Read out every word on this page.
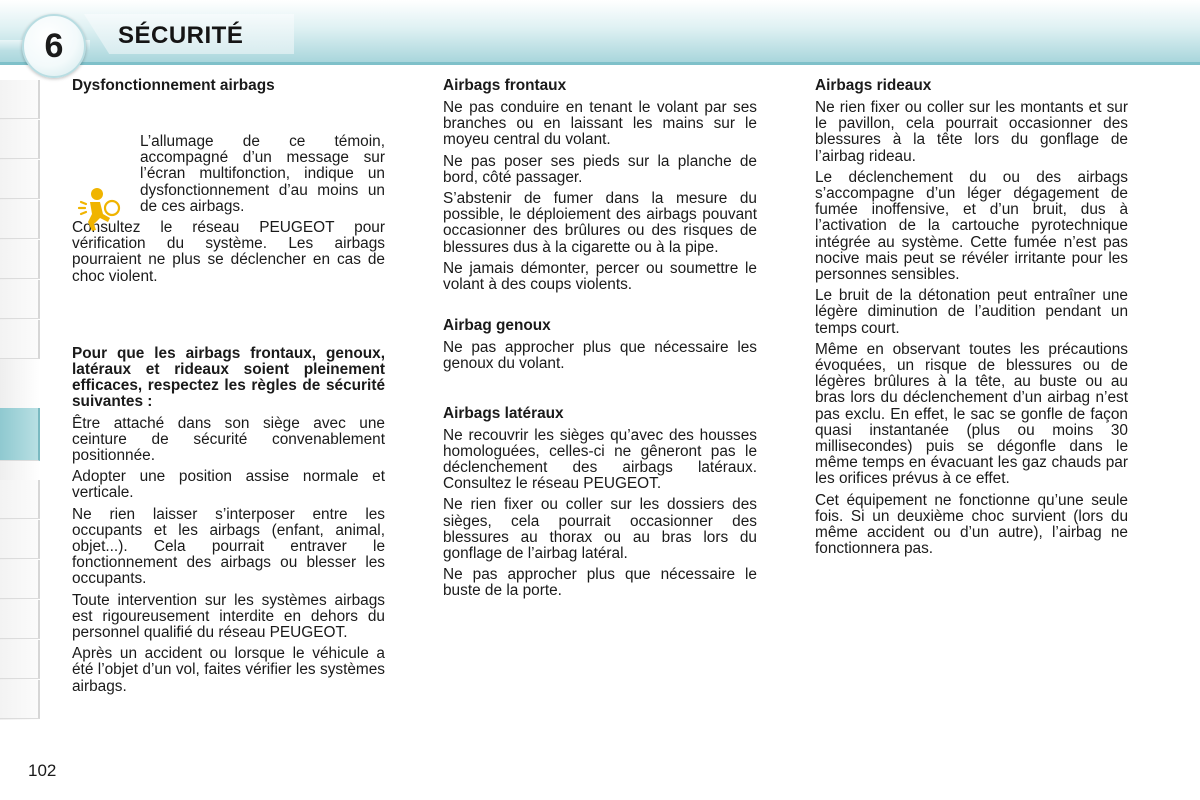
6 SÉCURITÉ
Dysfonctionnement airbags

L’allumage de ce témoin, accompagné d’un message sur l’écran multifonction, indique un dysfonctionnement d’au moins un de ces airbags.

Consultez le réseau PEUGEOT pour vérification du système. Les airbags pourraient ne plus se déclencher en cas de choc violent.

Pour que les airbags frontaux, genoux, latéraux et rideaux soient pleinement efficaces, respectez les règles de sécurité suivantes :

Être attaché dans son siège avec une ceinture de sécurité convenablement positionnée.

Adopter une position assise normale et verticale.

Ne rien laisser s’interposer entre les occupants et les airbags (enfant, animal, objet...). Cela pourrait entraver le fonctionnement des airbags ou blesser les occupants.

Toute intervention sur les systèmes airbags est rigoureusement interdite en dehors du personnel qualifié du réseau PEUGEOT.

Après un accident ou lorsque le véhicule a été l’objet d’un vol, faites vérifier les systèmes airbags.

Airbags frontaux

Ne pas conduire en tenant le volant par ses branches ou en laissant les mains sur le moyeu central du volant.

Ne pas poser ses pieds sur la planche de bord, côté passager.

S’abstenir de fumer dans la mesure du possible, le déploiement des airbags pouvant occasionner des brûlures ou des risques de blessures dus à la cigarette ou à la pipe.

Ne jamais démonter, percer ou soumettre le volant à des coups violents.

Airbag genoux

Ne pas approcher plus que nécessaire les genoux du volant.

Airbags latéraux

Ne recouvrir les sièges qu’avec des housses homologuées, celles-ci ne gêneront pas le déclenchement des airbags latéraux. Consultez le réseau PEUGEOT.

Ne rien fixer ou coller sur les dossiers des sièges, cela pourrait occasionner des blessures au thorax ou au bras lors du gonflage de l’airbag latéral.

Ne pas approcher plus que nécessaire le buste de la porte.

Airbags rideaux

Ne rien fixer ou coller sur les montants et sur le pavillon, cela pourrait occasionner des blessures à la tête lors du gonflage de l’airbag rideau.

Le déclenchement du ou des airbags s’accompagne d’un léger dégagement de fumée inoffensive, et d’un bruit, dus à l’activation de la cartouche pyrotechnique intégrée au système. Cette fumée n’est pas nocive mais peut se révéler irritante pour les personnes sensibles.

Le bruit de la détonation peut entraîner une légère diminution de l’audition pendant un temps court.

Même en observant toutes les précautions évoquées, un risque de blessures ou de légères brûlures à la tête, au buste ou au bras lors du déclenchement d’un airbag n’est pas exclu. En effet, le sac se gonfle de façon quasi instantanée (plus ou moins 30 millisecondes) puis se dégonfle dans le même temps en évacuant les gaz chauds par les orifices prévus à ce effet.

Cet équipement ne fonctionne qu’une seule fois. Si un deuxième choc survient (lors du même accident ou d’un autre), l’airbag ne fonctionnera pas.

102
